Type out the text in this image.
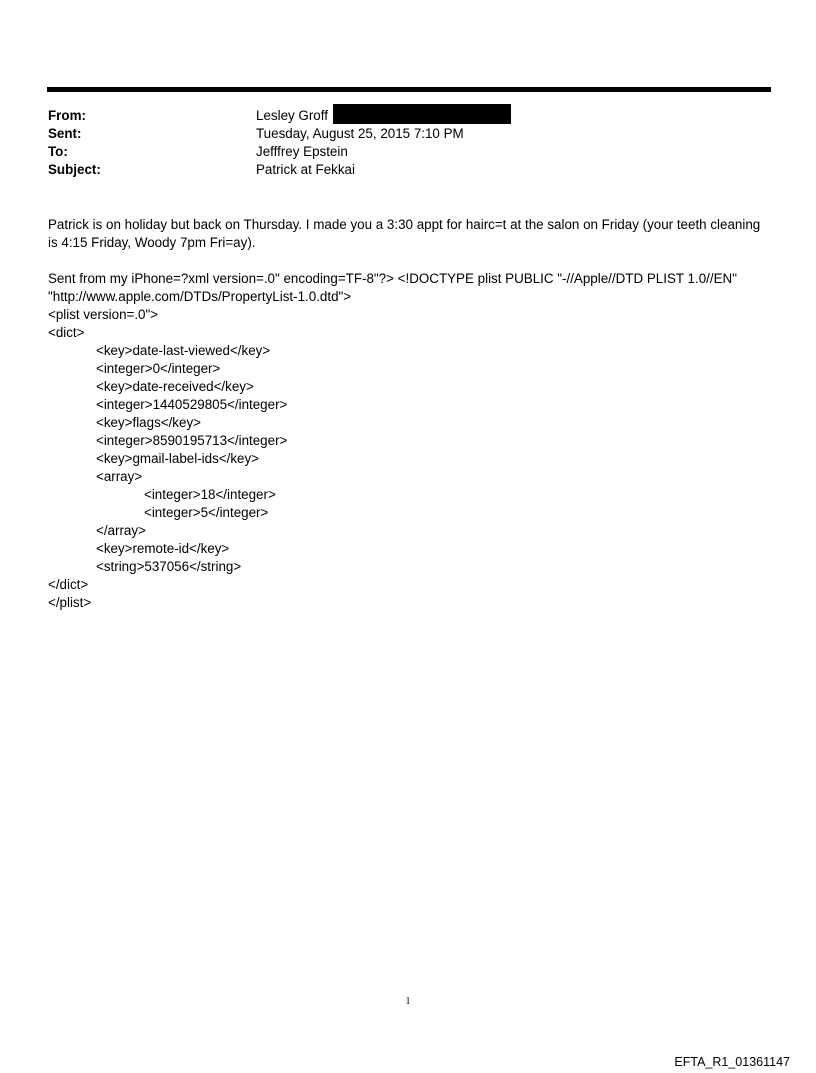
From:	Lesley Groff
Sent:	Tuesday, August 25, 2015 7:10 PM
To:	Jefffrey Epstein
Subject:	Patrick at Fekkai

Patrick is on holiday but back on Thursday. I made you a 3:30 appt for hairc=t at the salon on Friday (your teeth cleaning is 4:15 Friday, Woody 7pm Fri=ay).

Sent from my iPhone=?xml version=.0" encoding=TF-8"?> <!DOCTYPE plist PUBLIC "-//Apple//DTD PLIST 1.0//EN"
"http://www.apple.com/DTDs/PropertyList-1.0.dtd">
<plist version=.0">
<dict>
<key>date-last-viewed</key>
<integer>0</integer>
<key>date-received</key>
<integer>1440529805</integer>
<key>flags</key>
<integer>8590195713</integer>
<key>gmail-label-ids</key>
<array>
<integer>18</integer>
<integer>5</integer>
</array>
<key>remote-id</key>
<string>537056</string>
</dict>
</plist>
1
EFTA_R1_01361147
